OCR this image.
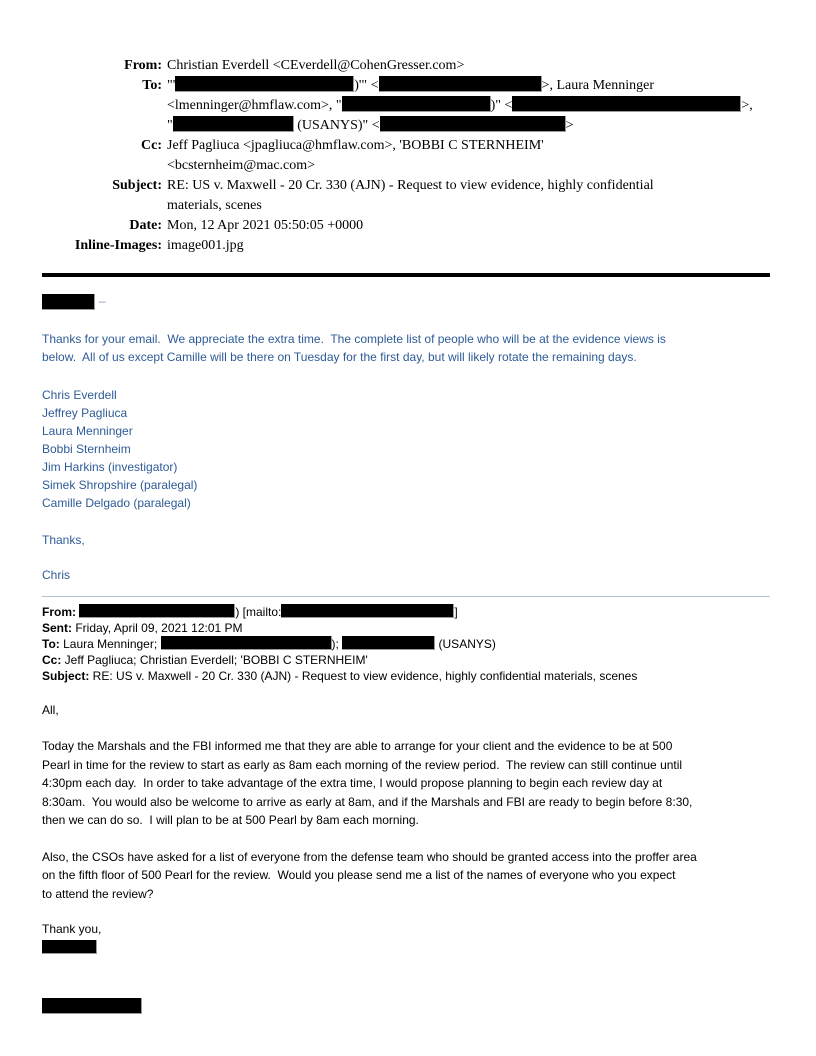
From: Christian Everdell <CEverdell@CohenGresser.com>
To: "'	)'" <	>, Laura Menninger
<lmenninger@hmflaw.com>, "	)" <	>,
"	(USANYS)" <	>
Cc: Jeff Pagliuca <jpagliuca@hmflaw.com>, 'BOBBI C STERNHEIM'
<bcsternheim@mac.com>
Subject: RE: US v. Maxwell - 20 Cr. 330 (AJN) - Request to view evidence, highly confidential
materials, scenes
Date: Mon, 12 Apr 2021 05:50:05 +0000
Inline-Images: image001.jpg
–
Thanks for your email.  We appreciate the extra time.  The complete list of people who will be at the evidence views is
below.  All of us except Camille will be there on Tuesday for the first day, but will likely rotate the remaining days.
Chris Everdell
Jeffrey Pagliuca
Laura Menninger
Bobbi Sternheim
Jim Harkins (investigator)
Simek Shropshire (paralegal)
Camille Delgado (paralegal)
Thanks,
Chris
From:	) [mailto:	]
Sent: Friday, April 09, 2021 12:01 PM
To: Laura Menninger;	);	(USANYS)
Cc: Jeff Pagliuca; Christian Everdell; 'BOBBI C STERNHEIM'
Subject: RE: US v. Maxwell - 20 Cr. 330 (AJN) - Request to view evidence, highly confidential materials, scenes
All,
Today the Marshals and the FBI informed me that they are able to arrange for your client and the evidence to be at 500
Pearl in time for the review to start as early as 8am each morning of the review period.  The review can still continue until
4:30pm each day.  In order to take advantage of the extra time, I would propose planning to begin each review day at
8:30am.  You would also be welcome to arrive as early at 8am, and if the Marshals and FBI are ready to begin before 8:30,
then we can do so.  I will plan to be at 500 Pearl by 8am each morning.
Also, the CSOs have asked for a list of everyone from the defense team who should be granted access into the proffer area
on the fifth floor of 500 Pearl for the review.  Would you please send me a list of the names of everyone who you expect
to attend the review?
Thank you,
